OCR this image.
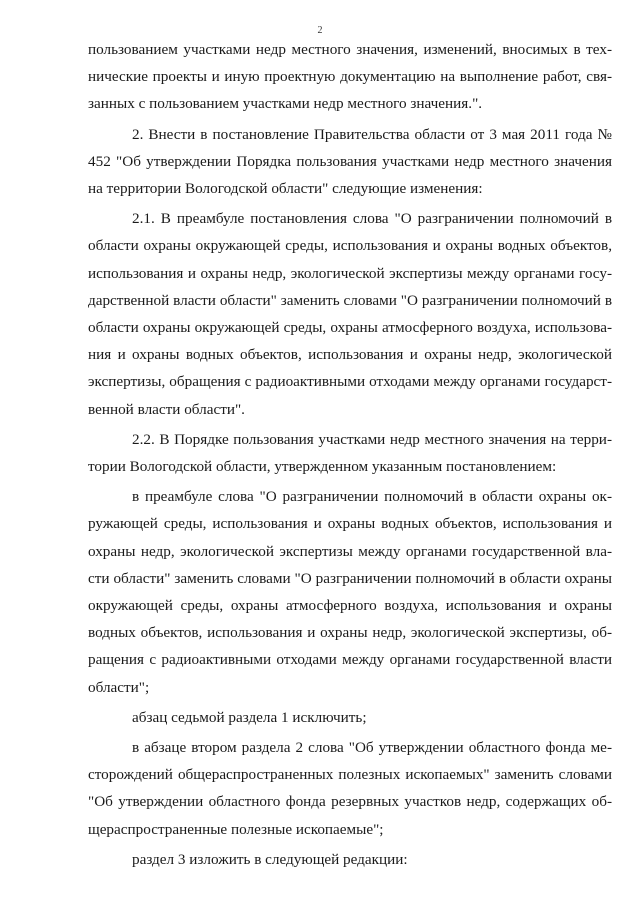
2

пользованием участками недр местного значения, изменений, вносимых в технические проекты и иную проектную документацию на выполнение работ, связанных с пользованием участками недр местного значения.".

2. Внести в постановление Правительства области от 3 мая 2011 года № 452 "Об утверждении Порядка пользования участками недр местного значения на территории Вологодской области" следующие изменения:

2.1. В преамбуле постановления слова "О разграничении полномочий в области охраны окружающей среды, использования и охраны водных объектов, использования и охраны недр, экологической экспертизы между органами государственной власти области" заменить словами "О разграничении полномочий в области охраны окружающей среды, охраны атмосферного воздуха, использования и охраны водных объектов, использования и охраны недр, экологической экспертизы, обращения с радиоактивными отходами между органами государственной власти области".

2.2. В Порядке пользования участками недр местного значения на территории Вологодской области, утвержденном указанным постановлением:

в преамбуле слова "О разграничении полномочий в области охраны окружающей среды, использования и охраны водных объектов, использования и охраны недр, экологической экспертизы между органами государственной власти области" заменить словами "О разграничении полномочий в области охраны окружающей среды, охраны атмосферного воздуха, использования и охраны водных объектов, использования и охраны недр, экологической экспертизы, обращения с радиоактивными отходами между органами государственной власти области";

абзац седьмой раздела 1 исключить;

в абзаце втором раздела 2 слова "Об утверждении областного фонда месторождений общераспространенных полезных ископаемых" заменить словами "Об утверждении областного фонда резервных участков недр, содержащих общераспространенные полезные ископаемые";

раздел 3 изложить в следующей редакции:
